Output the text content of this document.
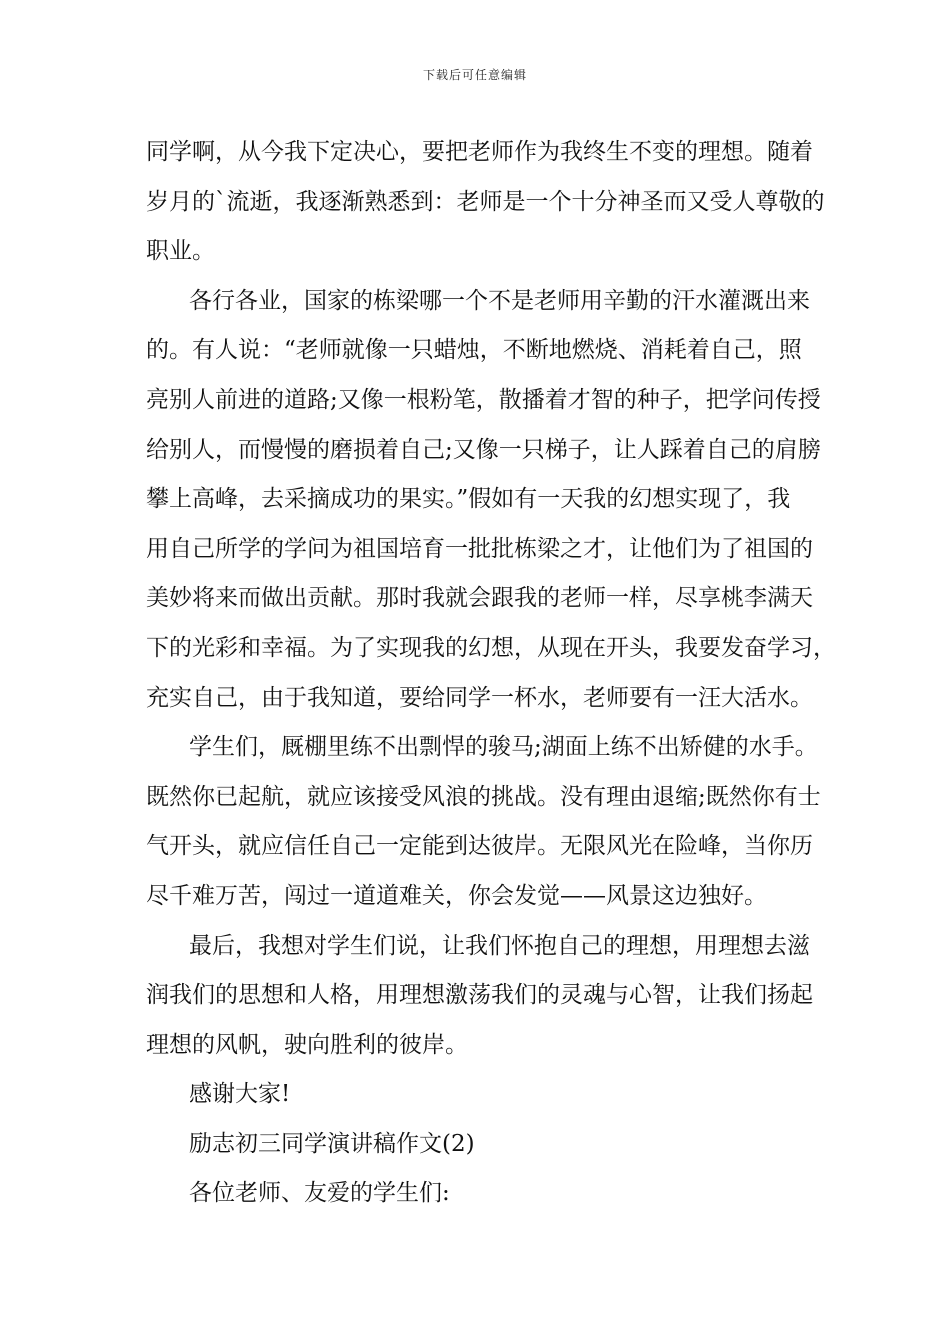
下载后可任意编辑
同学啊，从今我下定决心，要把老师作为我终生不变的理想。随着
岁月的`流逝，我逐渐熟悉到：老师是一个十分神圣而又受人尊敬的
职业。
各行各业，国家的栋梁哪一个不是老师用辛勤的汗水灌溉出来
的。有人说：“老师就像一只蜡烛，不断地燃烧、消耗着自己，照
亮别人前进的道路;又像一根粉笔，散播着才智的种子，把学问传授
给别人，而慢慢的磨损着自己;又像一只梯子，让人踩着自己的肩膀
攀上高峰，去采摘成功的果实。”假如有一天我的幻想实现了，我
用自己所学的学问为祖国培育一批批栋梁之才，让他们为了祖国的
美妙将来而做出贡献。那时我就会跟我的老师一样，尽享桃李满天
下的光彩和幸福。为了实现我的幻想，从现在开头，我要发奋学习，
充实自己，由于我知道，要给同学一杯水，老师要有一汪大活水。
学生们，厩棚里练不出剽悍的骏马;湖面上练不出矫健的水手。
既然你已起航，就应该接受风浪的挑战。没有理由退缩;既然你有士
气开头，就应信任自己一定能到达彼岸。无限风光在险峰，当你历
尽千难万苦，闯过一道道难关，你会发觉——风景这边独好。
最后，我想对学生们说，让我们怀抱自己的理想，用理想去滋
润我们的思想和人格，用理想激荡我们的灵魂与心智，让我们扬起
理想的风帆，驶向胜利的彼岸。
感谢大家!
励志初三同学演讲稿作文(2)
各位老师、友爱的学生们:
